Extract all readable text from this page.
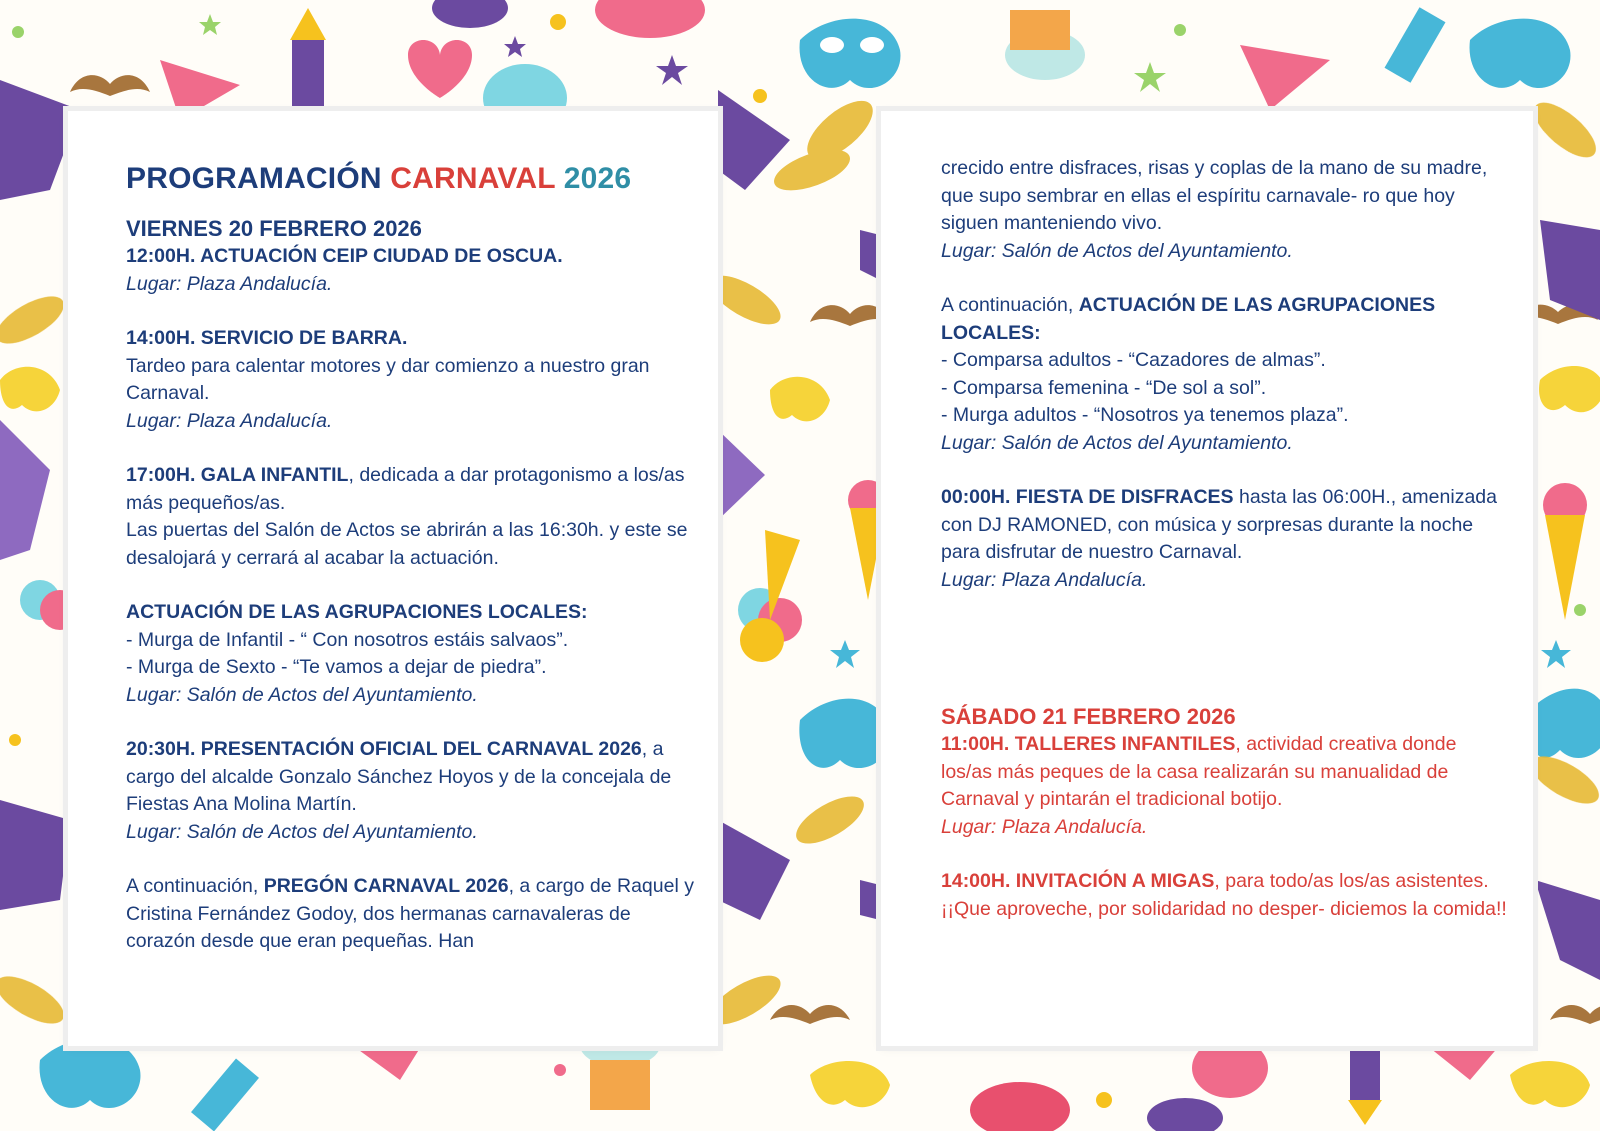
PROGRAMACIÓN CARNAVAL 2026
VIERNES 20 FEBRERO 2026

12:00H. ACTUACIÓN CEIP CIUDAD DE OSCUA.

Lugar: Plaza Andalucía.

14:00H. SERVICIO DE BARRA.

Tardeo para calentar motores y dar comienzo a nuestro gran Carnaval.

Lugar: Plaza Andalucía.

17:00H. GALA INFANTIL, dedicada a dar protagonismo a los/as más pequeños/as.

Las puertas del Salón de Actos se abrirán a las 16:30h. y este se desalojará y cerrará al acabar la actuación.

ACTUACIÓN DE LAS AGRUPACIONES LOCALES:

- Murga de Infantil - “ Con nosotros estáis salvaos”.

- Murga de Sexto - “Te vamos a dejar de piedra”.

Lugar: Salón de Actos del Ayuntamiento.

20:30H. PRESENTACIÓN OFICIAL DEL CARNAVAL 2026, a cargo del alcalde Gonzalo Sánchez Hoyos y de la concejala de Fiestas Ana Molina Martín.

Lugar: Salón de Actos del Ayuntamiento.

A continuación, PREGÓN CARNAVAL 2026, a cargo de Raquel y Cristina Fernández Godoy, dos hermanas carnavaleras de corazón desde que eran pequeñas. Han

crecido entre disfraces, risas y coplas de la mano de su madre, que supo sembrar en ellas el espíritu carnavale- ro que hoy siguen manteniendo vivo.

Lugar: Salón de Actos del Ayuntamiento.

A continuación, ACTUACIÓN DE LAS AGRUPACIONES LOCALES:

- Comparsa adultos - “Cazadores de almas”.

- Comparsa femenina - “De sol a sol”.

- Murga adultos - “Nosotros ya tenemos plaza”.

Lugar: Salón de Actos del Ayuntamiento.

00:00H. FIESTA DE DISFRACES hasta las 06:00H., amenizada con DJ RAMONED, con música y sorpresas durante la noche para disfrutar de nuestro Carnaval.

Lugar: Plaza Andalucía.

SÁBADO 21 FEBRERO 2026

11:00H. TALLERES INFANTILES, actividad creativa donde los/as más peques de la casa realizarán su manualidad de Carnaval y pintarán el tradicional botijo.

Lugar: Plaza Andalucía.

14:00H. INVITACIÓN A MIGAS, para todo/as los/as asistentes. ¡¡Que aproveche, por solidaridad no desper- diciemos la comida!!
